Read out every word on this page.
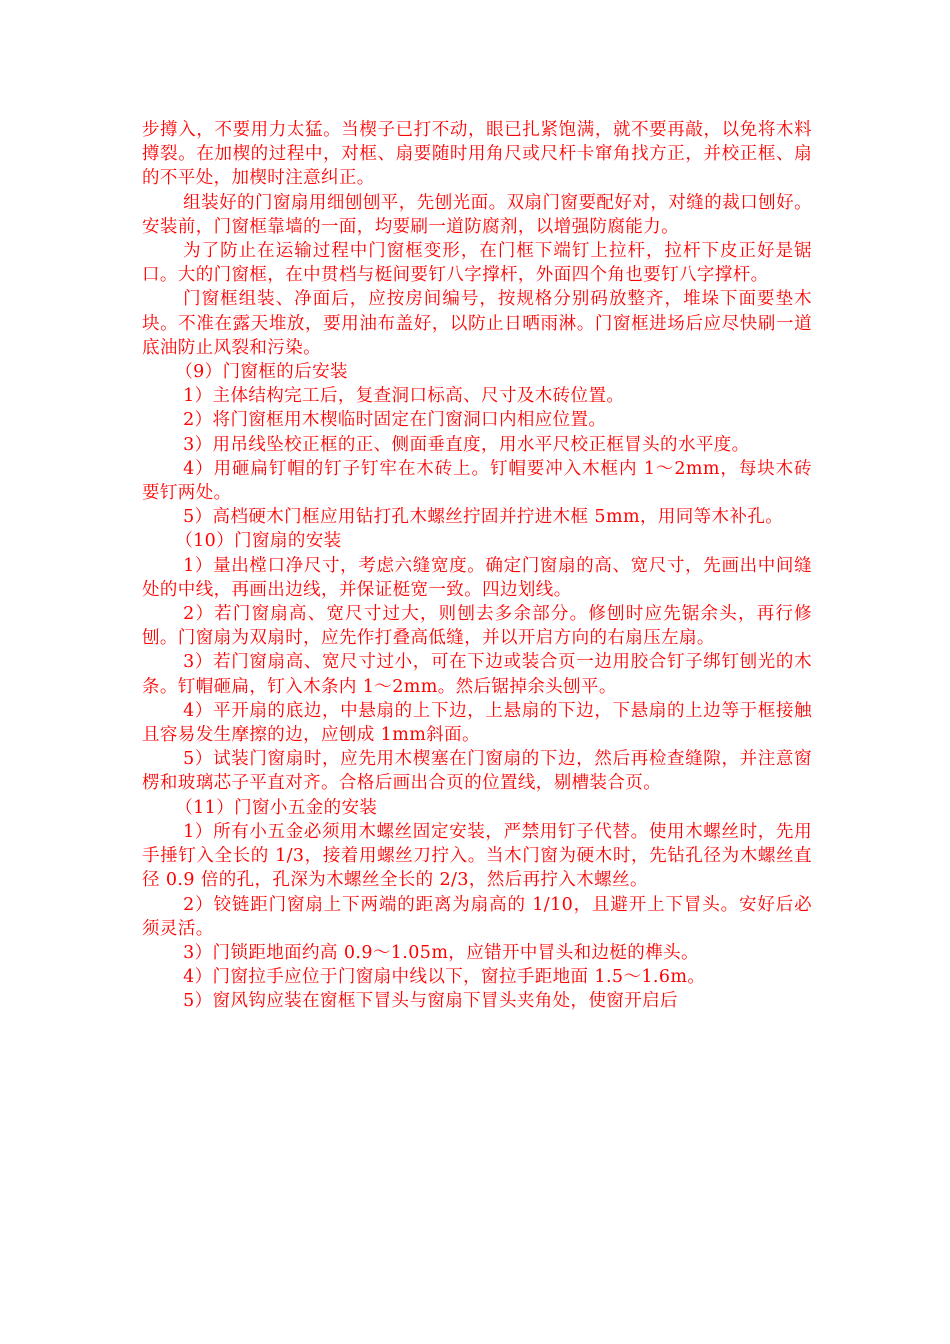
步撙入，不要用力太猛。当楔子已打不动，眼已扎紧饱满，就不要再敲，以免将木料撙裂。在加楔的过程中，对框、扇要随时用角尺或尺杆卡窜角找方正，并校正框、扇的不平处，加楔时注意纠正。

组装好的门窗扇用细刨刨平，先刨光面。双扇门窗要配好对，对缝的裁口刨好。安装前，门窗框靠墙的一面，均要刷一道防腐剂，以增强防腐能力。

为了防止在运输过程中门窗框变形，在门框下端钉上拉杆，拉杆下皮正好是锯口。大的门窗框，在中贯档与梃间要钉八字撑杆，外面四个角也要钉八字撑杆。

门窗框组装、净面后，应按房间编号，按规格分别码放整齐，堆垛下面要垫木块。不准在露天堆放，要用油布盖好，以防止日晒雨淋。门窗框进场后应尽快刷一道底油防止风裂和污染。

（9）门窗框的后安装

1）主体结构完工后，复查洞口标高、尺寸及木砖位置。

2）将门窗框用木楔临时固定在门窗洞口内相应位置。

3）用吊线坠校正框的正、侧面垂直度，用水平尺校正框冒头的水平度。

4）用砸扁钉帽的钉子钉牢在木砖上。钉帽要冲入木框内 1～2mm，每块木砖要钉两处。

5）高档硬木门框应用钻打孔木螺丝拧固并拧进木框 5mm，用同等木补孔。

（10）门窗扇的安装

1）量出樘口净尺寸，考虑六缝宽度。确定门窗扇的高、宽尺寸，先画出中间缝处的中线，再画出边线，并保证梃宽一致。四边划线。

2）若门窗扇高、宽尺寸过大，则刨去多余部分。修刨时应先锯余头，再行修刨。门窗扇为双扇时，应先作打叠高低缝，并以开启方向的右扇压左扇。

3）若门窗扇高、宽尺寸过小，可在下边或装合页一边用胶合钉子绑钉刨光的木条。钉帽砸扁，钉入木条内 1～2mm。然后锯掉余头刨平。

4）平开扇的底边，中悬扇的上下边，上悬扇的下边，下悬扇的上边等于框接触且容易发生摩擦的边，应刨成 1mm斜面。

5）试装门窗扇时，应先用木楔塞在门窗扇的下边，然后再检查缝隙，并注意窗楞和玻璃芯子平直对齐。合格后画出合页的位置线，剔槽装合页。

（11）门窗小五金的安装

1）所有小五金必须用木螺丝固定安装，严禁用钉子代替。使用木螺丝时，先用手捶钉入全长的 1/3，接着用螺丝刀拧入。当木门窗为硬木时，先钻孔径为木螺丝直径 0.9 倍的孔，孔深为木螺丝全长的 2/3，然后再拧入木螺丝。

2）铰链距门窗扇上下两端的距离为扇高的 1/10，且避开上下冒头。安好后必须灵活。

3）门锁距地面约高 0.9～1.05m，应错开中冒头和边梃的榫头。

4）门窗拉手应位于门窗扇中线以下，窗拉手距地面 1.5～1.6m。

5）窗风钩应装在窗框下冒头与窗扇下冒头夹角处，使窗开启后
